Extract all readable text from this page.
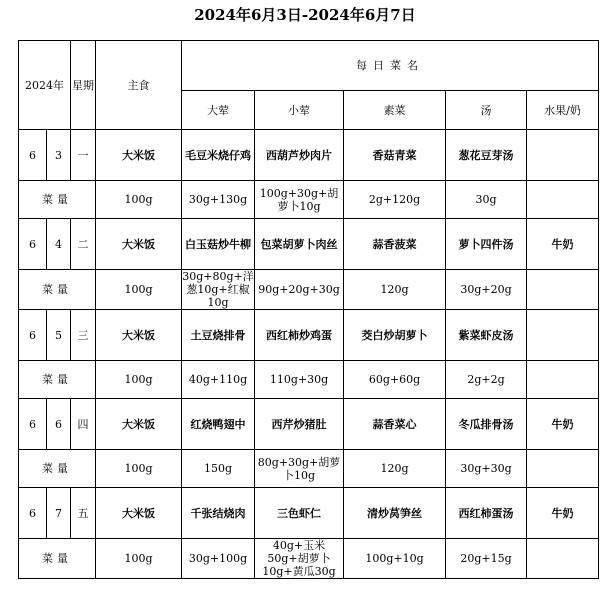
2024年6月3日-2024年6月7日
2024年		星期	主食	每日菜名				
				大荤	小荤	素菜	汤	水果/奶
6	3	一	大米饭	毛豆米烧仔鸡	西葫芦炒肉片	香菇青菜	葱花豆芽汤	
菜量			100g	30g+130g	100g+30g+胡萝卜10g	2g+120g	30g	
6	4	二	大米饭	白玉菇炒牛柳	包菜胡萝卜肉丝	蒜香菠菜	萝卜四件汤	牛奶
菜量			100g	30g+80g+洋葱10g+红椒10g	90g+20g+30g	120g	30g+20g	
6	5	三	大米饭	土豆烧排骨	西红柿炒鸡蛋	茭白炒胡萝卜	紫菜虾皮汤	
菜量			100g	40g+110g	110g+30g	60g+60g	2g+2g	
6	6	四	大米饭	红烧鸭翅中	西芹炒猪肚	蒜香菜心	冬瓜排骨汤	牛奶
菜量			100g	150g	80g+30g+胡萝卜10g	120g	30g+30g	
6	7	五	大米饭	千张结烧肉	三色虾仁	清炒莴笋丝	西红柿蛋汤	牛奶
菜量			100g	30g+100g	40g+玉米50g+胡萝卜10g+黄瓜30g	100g+10g	20g+15g	
